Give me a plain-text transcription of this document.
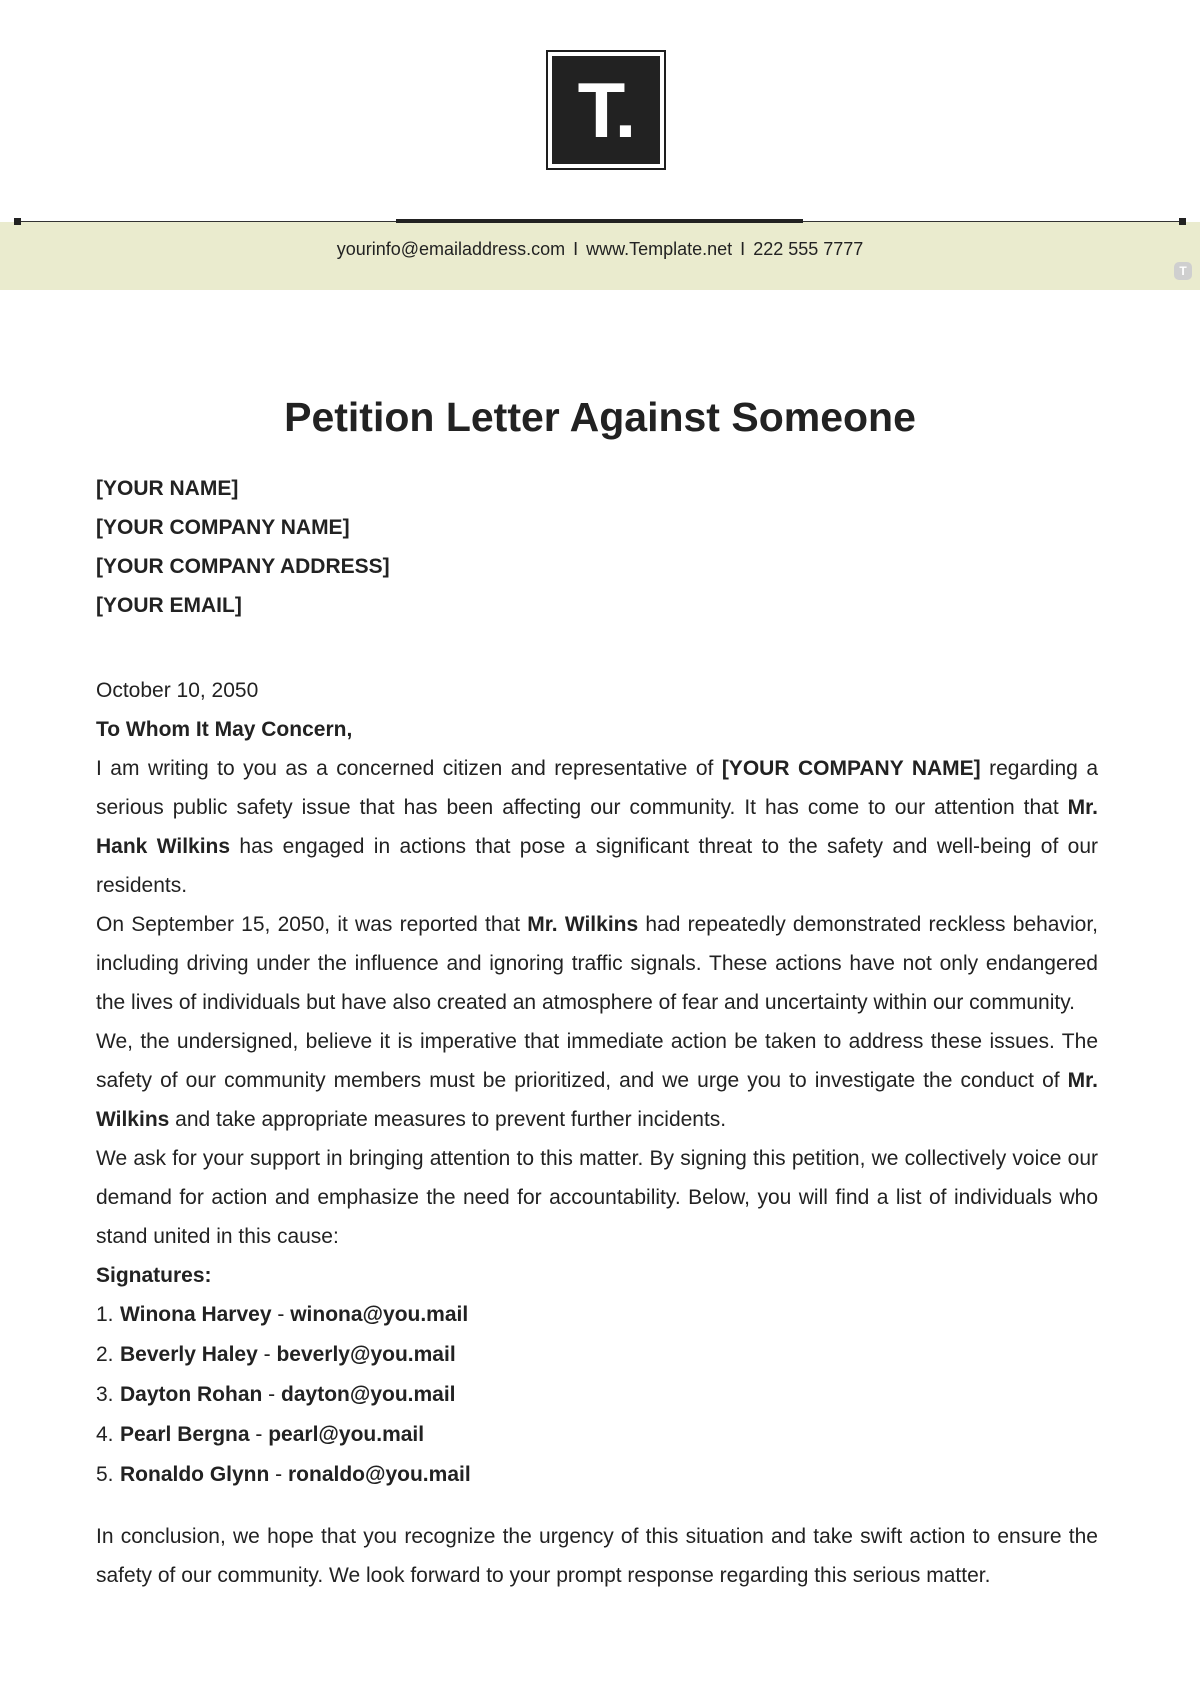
T.
yourinfo@emailaddress.com I www.Template.net I 222 555 7777
T
Petition Letter Against Someone
[YOUR NAME]
[YOUR COMPANY NAME]
[YOUR COMPANY ADDRESS]
[YOUR EMAIL]

October 10, 2050

To Whom It May Concern,

I am writing to you as a concerned citizen and representative of [YOUR COMPANY NAME] regarding a serious public safety issue that has been affecting our community. It has come to our attention that Mr. Hank Wilkins has engaged in actions that pose a significant threat to the safety and well-being of our residents.

On September 15, 2050, it was reported that Mr. Wilkins had repeatedly demonstrated reckless behavior, including driving under the influence and ignoring traffic signals. These actions have not only endangered the lives of individuals but have also created an atmosphere of fear and uncertainty within our community.

We, the undersigned, believe it is imperative that immediate action be taken to address these issues. The safety of our community members must be prioritized, and we urge you to investigate the conduct of Mr. Wilkins and take appropriate measures to prevent further incidents.

We ask for your support in bringing attention to this matter. By signing this petition, we collectively voice our demand for action and emphasize the need for accountability. Below, you will find a list of individuals who stand united in this cause:

Signatures:

1. Winona Harvey - winona@you.mail
2. Beverly Haley - beverly@you.mail
3. Dayton Rohan - dayton@you.mail
4. Pearl Bergna - pearl@you.mail
5. Ronaldo Glynn - ronaldo@you.mail

In conclusion, we hope that you recognize the urgency of this situation and take swift action to ensure the safety of our community. We look forward to your prompt response regarding this serious matter.
